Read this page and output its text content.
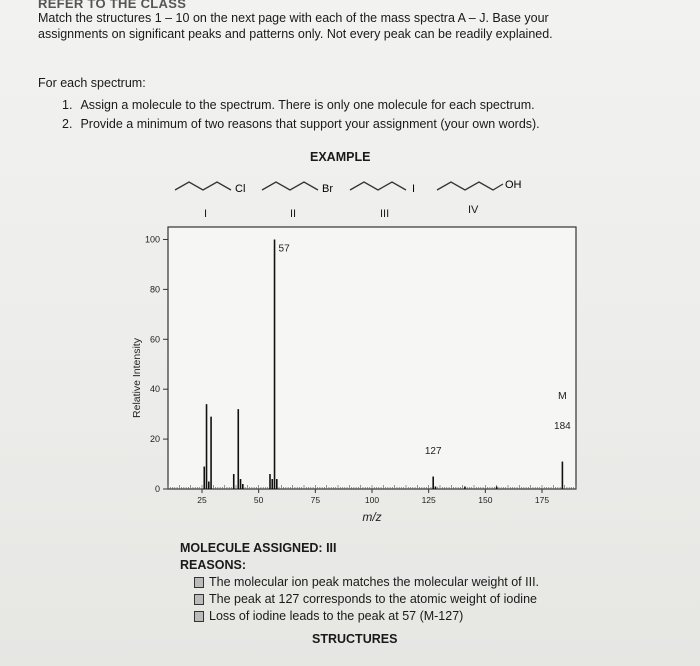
REFER TO THE CLASS
Match the structures 1 – 10 on the next page with each of the mass spectra A – J. Base your
assignments on significant peaks and patterns only. Not every peak can be readily explained.
For each spectrum:
1. Assign a molecule to the spectrum. There is only one molecule for each spectrum.
2. Provide a minimum of two reasons that support your assignment (your own words).
EXAMPLE
Cl
I
Br
II
I
III
OH
IV
0
20
40
60
80
100
25	50	75	100	125	150	175
57
127
M
184
Relative Intensity
m/z
MOLECULE ASSIGNED: III
REASONS:
The molecular ion peak matches the molecular weight of III.
The peak at 127 corresponds to the atomic weight of iodine
Loss of iodine leads to the peak at 57 (M-127)
STRUCTURES
